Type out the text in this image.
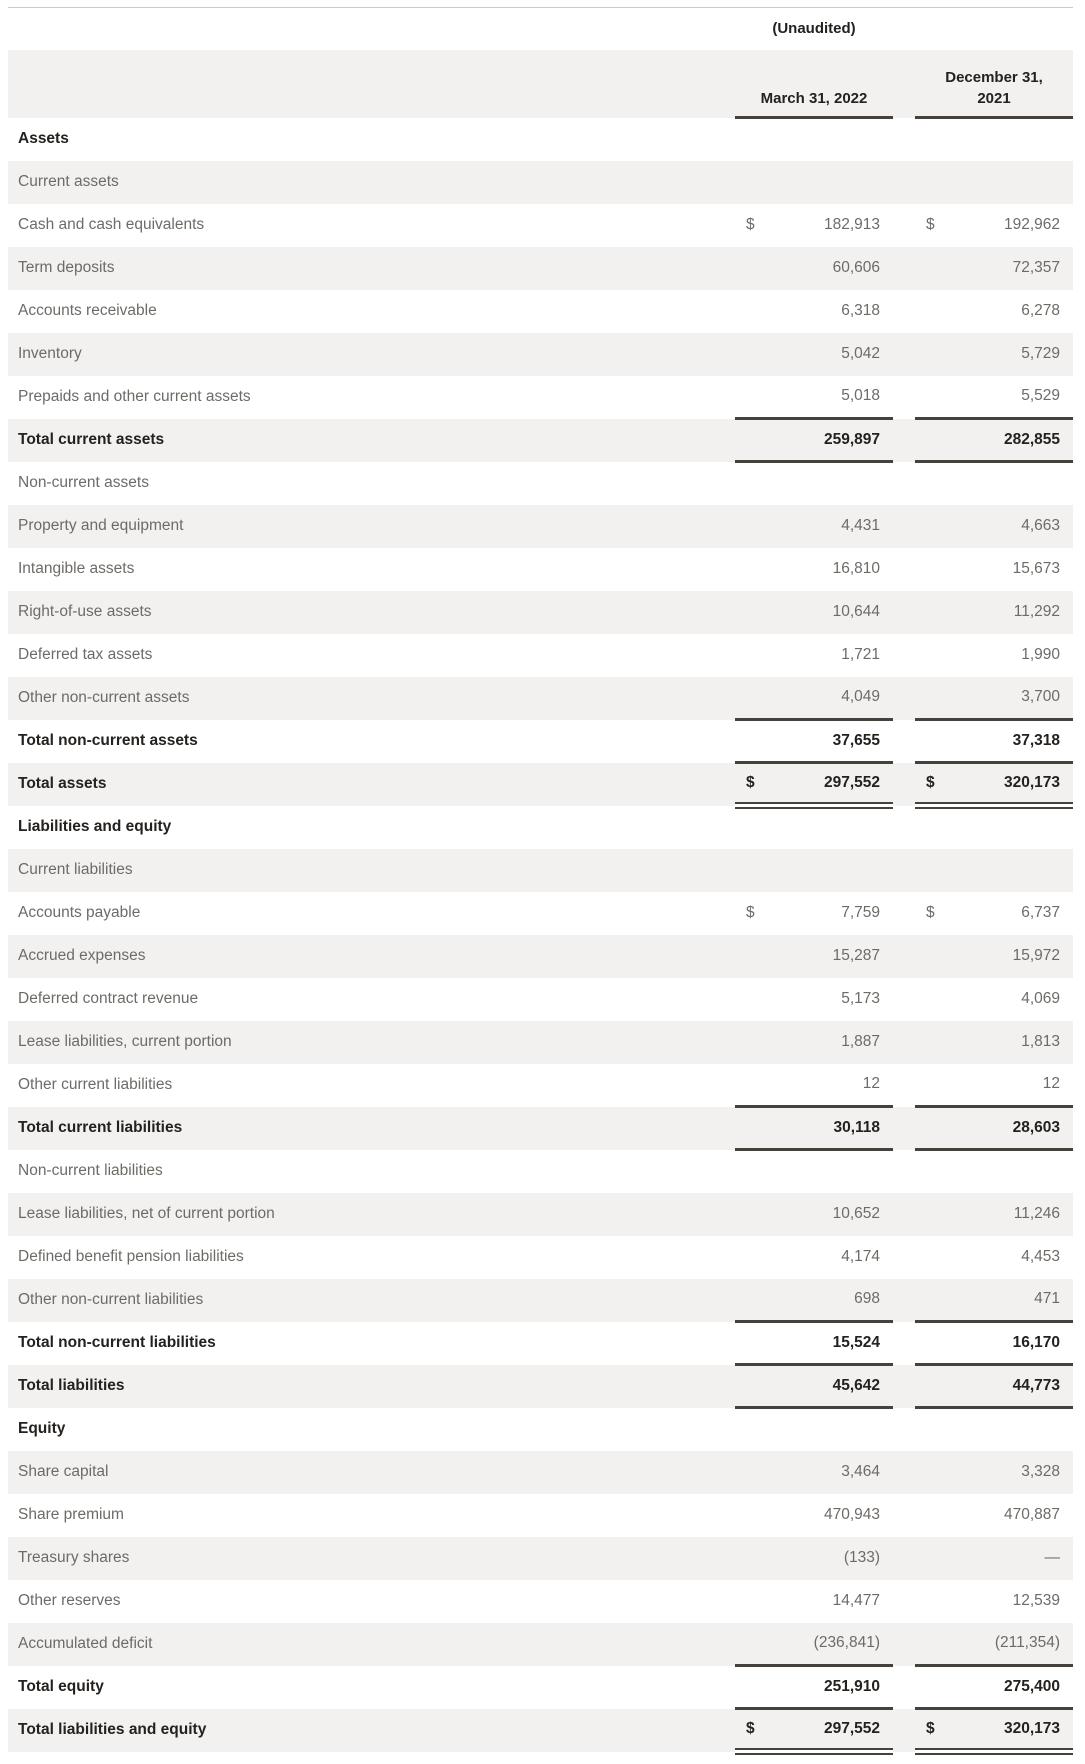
	(Unaudited)				
	March 31, 2022			December 31,
2021	
Assets					
Current assets					
Cash and cash equivalents	$	182,913		$	192,962
Term deposits		60,606			72,357
Accounts receivable		6,318			6,278
Inventory		5,042			5,729
Prepaids and other current assets		5,018			5,529
Total current assets		259,897			282,855
Non-current assets					
Property and equipment		4,431			4,663
Intangible assets		16,810			15,673
Right-of-use assets		10,644			11,292
Deferred tax assets		1,721			1,990
Other non-current assets		4,049			3,700
Total non-current assets		37,655			37,318
Total assets	$	297,552		$	320,173
Liabilities and equity					
Current liabilities					
Accounts payable	$	7,759		$	6,737
Accrued expenses		15,287			15,972
Deferred contract revenue		5,173			4,069
Lease liabilities, current portion		1,887			1,813
Other current liabilities		12			12
Total current liabilities		30,118			28,603
Non-current liabilities					
Lease liabilities, net of current portion		10,652			11,246
Defined benefit pension liabilities		4,174			4,453
Other non-current liabilities		698			471
Total non-current liabilities		15,524			16,170
Total liabilities		45,642			44,773
Equity					
Share capital		3,464			3,328
Share premium		470,943			470,887
Treasury shares		(133)			—
Other reserves		14,477			12,539
Accumulated deficit		(236,841)			(211,354)
Total equity		251,910			275,400
Total liabilities and equity	$	297,552		$	320,173
